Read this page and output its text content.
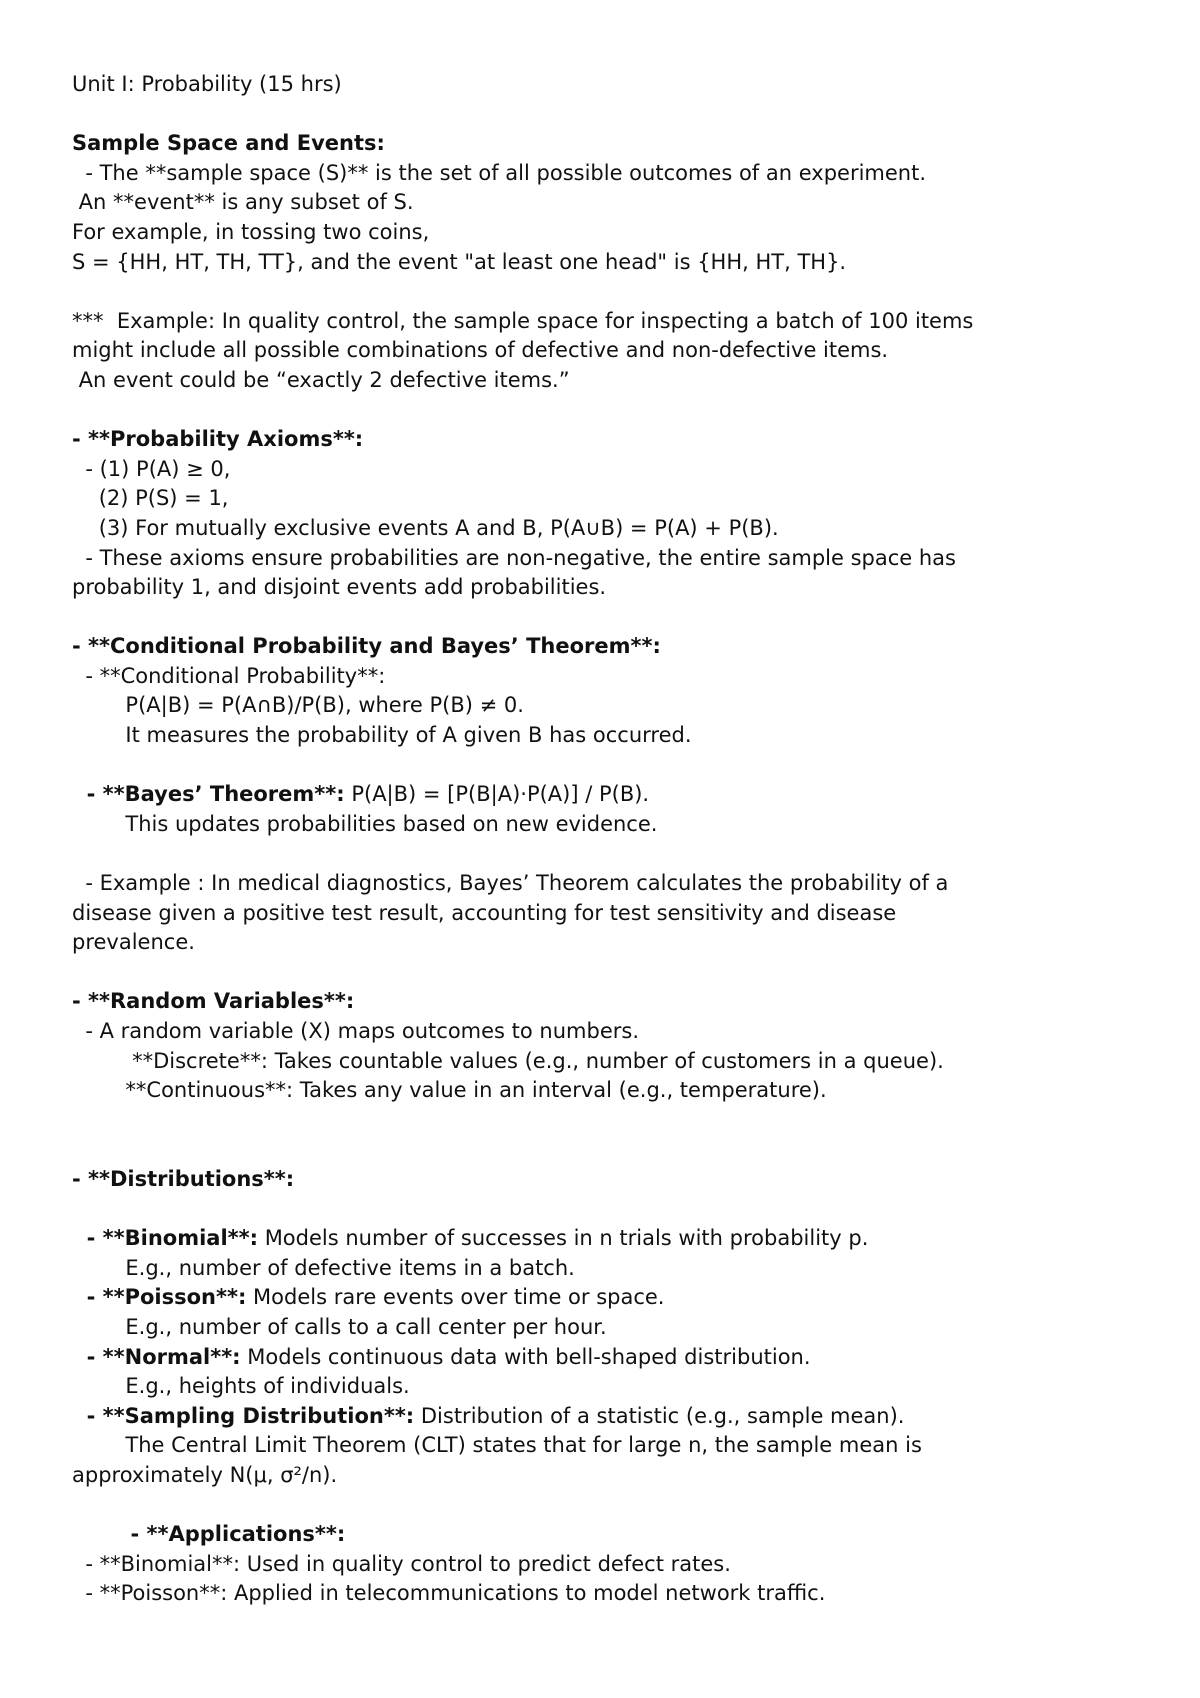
Unit I: Probability (15 hrs)
Sample Space and Events:
- The **sample space (S)** is the set of all possible outcomes of an experiment.
An **event** is any subset of S.
For example, in tossing two coins,
S = {HH, HT, TH, TT}, and the event "at least one head" is {HH, HT, TH}.
***  Example: In quality control, the sample space for inspecting a batch of 100 items
might include all possible combinations of defective and non-defective items.
An event could be “exactly 2 defective items.”
- **Probability Axioms**:
- (1) P(A) ≥ 0,
(2) P(S) = 1,
(3) For mutually exclusive events A and B, P(A∪B) = P(A) + P(B).
- These axioms ensure probabilities are non-negative, the entire sample space has
probability 1, and disjoint events add probabilities.
- **Conditional Probability and Bayes’ Theorem**:
- **Conditional Probability**:
P(A|B) = P(A∩B)/P(B), where P(B) ≠ 0.
It measures the probability of A given B has occurred.
- **Bayes’ Theorem**: P(A|B) = [P(B|A)·P(A)] / P(B).
This updates probabilities based on new evidence.
- Example : In medical diagnostics, Bayes’ Theorem calculates the probability of a
disease given a positive test result, accounting for test sensitivity and disease
prevalence.
- **Random Variables**:
- A random variable (X) maps outcomes to numbers.
**Discrete**: Takes countable values (e.g., number of customers in a queue).
**Continuous**: Takes any value in an interval (e.g., temperature).
- **Distributions**:
- **Binomial**: Models number of successes in n trials with probability p.
E.g., number of defective items in a batch.
- **Poisson**: Models rare events over time or space.
E.g., number of calls to a call center per hour.
- **Normal**: Models continuous data with bell-shaped distribution.
E.g., heights of individuals.
- **Sampling Distribution**: Distribution of a statistic (e.g., sample mean).
The Central Limit Theorem (CLT) states that for large n, the sample mean is
approximately N(μ, σ²/n).
- **Applications**:
- **Binomial**: Used in quality control to predict defect rates.
- **Poisson**: Applied in telecommunications to model network traffic.
